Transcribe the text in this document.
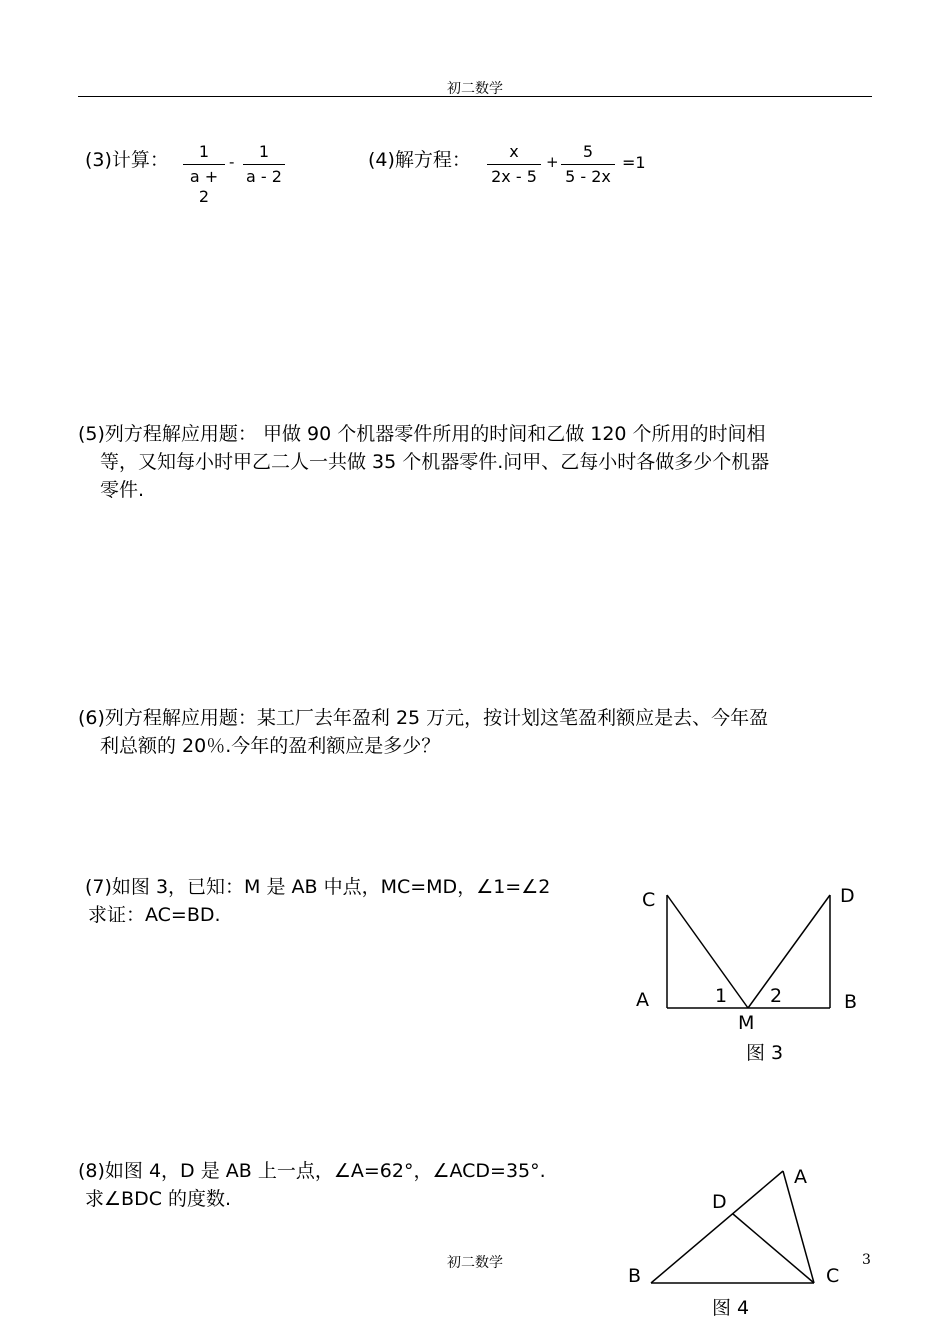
初二数学
(3)计算：	1
a + 2
-
1
a - 2
(4)解方程：	x
2x - 5
+
5
5 - 2x
=1
(5)列方程解应用题： 甲做 90 个机器零件所用的时间和乙做 120 个所用的时间相
等，又知每小时甲乙二人一共做 35 个机器零件.问甲、乙每小时各做多少个机器
零件.
(6)列方程解应用题：某工厂去年盈利 25 万元，按计划这笔盈利额应是去、今年盈
利总额的 20％.今年的盈利额应是多少？
(7)如图 3，已知：M 是 AB 中点，MC=MD，∠1=∠2
求证：AC=BD.
C	D
A	B
1 2
M
图 3
(8)如图 4，D 是 AB 上一点，∠A=62°，∠ACD=35°.
求∠BDC 的度数.
A
D
B	C
图 4
初二数学	3
